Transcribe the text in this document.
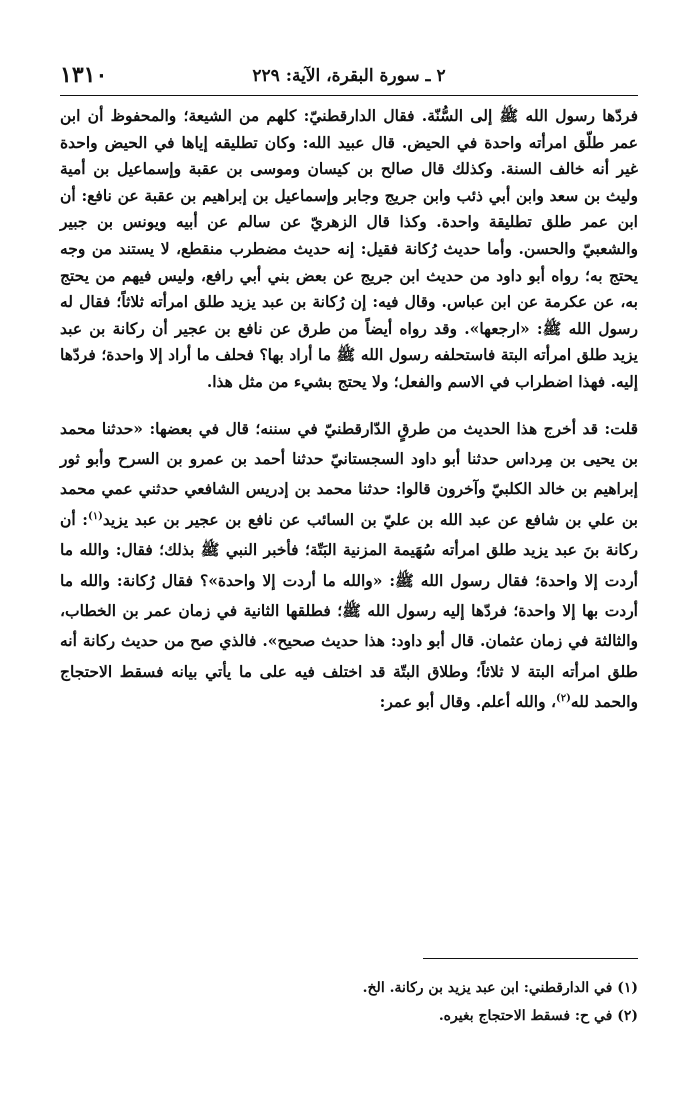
٢ ـ سورة البقرة، الآية: ٢٢٩
١٣١٠

فردّها رسول الله ﷺ إلى السُّنّة. فقال الدارقطنيّ: كلهم من الشيعة؛ والمحفوظ أن ابن عمر طلّق امرأته واحدة في الحيض. قال عبيد الله: وكان تطليقه إياها في الحيض واحدة غير أنه خالف السنة. وكذلك قال صالح بن كيسان وموسى بن عقبة وإسماعيل بن أمية وليث بن سعد وابن أبي ذئب وابن جريج وجابر وإسماعيل بن إبراهيم بن عقبة عن نافع: أن ابن عمر طلق تطليقة واحدة. وكذا قال الزهريّ عن سالم عن أبيه ويونس بن جبير والشعبيّ والحسن. وأما حديث رُكانة فقيل: إنه حديث مضطرب منقطع، لا يستند من وجه يحتج به؛ رواه أبو داود من حديث ابن جريج عن بعض بني أبي رافع، وليس فيهم من يحتج به، عن عكرمة عن ابن عباس. وقال فيه: إن رُكانة بن عبد يزيد طلق امرأته ثلاثاً؛ فقال له رسول الله ﷺ: «ارجعها». وقد رواه أيضاً من طرق عن نافع بن عجير أن ركانة بن عبد يزيد طلق امرأته البتة فاستحلفه رسول الله ﷺ ما أراد بها؟ فحلف ما أراد إلا واحدة؛ فردّها إليه. فهذا اضطراب في الاسم والفعل؛ ولا يحتج بشيء من مثل هذا.

قلت: قد أخرج هذا الحديث من طرقٍ الدّارقطنيّ في سننه؛ قال في بعضها: «حدثنا محمد بن يحيى بن مِرداس حدثنا أبو داود السجستانيّ حدثنا أحمد بن عمرو بن السرح وأبو ثور إبراهيم بن خالد الكلبيّ وآخرون قالوا: حدثنا محمد بن إدريس الشافعي حدثني عمي محمد بن علي بن شافع عن عبد الله بن عليّ بن السائب عن نافع بن عجير بن عبد يزيد$^{(١)}$: أن ركانة بنَ عبد يزيد طلق امرأته سُهَيمة المزنية البَتّة؛ فأخبر النبي ﷺ بذلك؛ فقال: والله ما أردت إلا واحدة؛ فقال رسول الله ﷺ: «والله ما أردت إلا واحدة»؟ فقال رُكانة: والله ما أردت بها إلا واحدة؛ فردّها إليه رسول الله ﷺ؛ فطلقها الثانية في زمان عمر بن الخطاب، والثالثة في زمان عثمان. قال أبو داود: هذا حديث صحيح». فالذي صح من حديث ركانة أنه طلق امرأته البتة لا ثلاثاً؛ وطلاق البتّة قد اختلف فيه على ما يأتي بيانه فسقط الاحتجاج والحمد لله$^{(٢)}$، والله أعلم. وقال أبو عمر:

(١) في الدارقطني: ابن عبد يزيد بن ركانة. الخ.

(٢) في ح: فسقط الاحتجاج بغيره.
